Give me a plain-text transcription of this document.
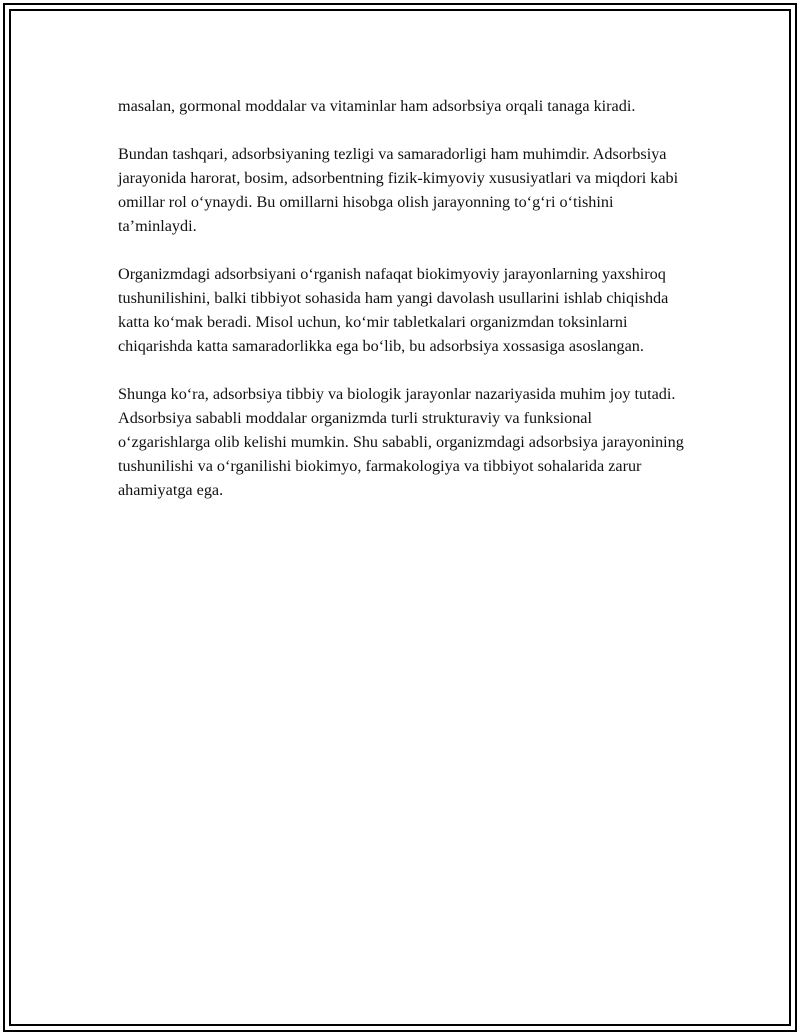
masalan, gormonal moddalar va vitaminlar ham adsorbsiya orqali tanaga kiradi.

Bundan tashqari, adsorbsiyaning tezligi va samaradorligi ham muhimdir. Adsorbsiya jarayonida harorat, bosim, adsorbentning fizik-kimyoviy xususiyatlari va miqdori kabi omillar rol o‘ynaydi. Bu omillarni hisobga olish jarayonning to‘g‘ri o‘tishini ta’minlaydi.

Organizmdagi adsorbsiyani o‘rganish nafaqat biokimyoviy jarayonlarning yaxshiroq tushunilishini, balki tibbiyot sohasida ham yangi davolash usullarini ishlab chiqishda katta ko‘mak beradi. Misol uchun, ko‘mir tabletkalari organizmdan toksinlarni chiqarishda katta samaradorlikka ega bo‘lib, bu adsorbsiya xossasiga asoslangan.

Shunga ko‘ra, adsorbsiya tibbiy va biologik jarayonlar nazariyasida muhim joy tutadi. Adsorbsiya sababli moddalar organizmda turli strukturaviy va funksional o‘zgarishlarga olib kelishi mumkin. Shu sababli, organizmdagi adsorbsiya jarayonining tushunilishi va o‘rganilishi biokimyo, farmakologiya va tibbiyot sohalarida zarur ahamiyatga ega.
